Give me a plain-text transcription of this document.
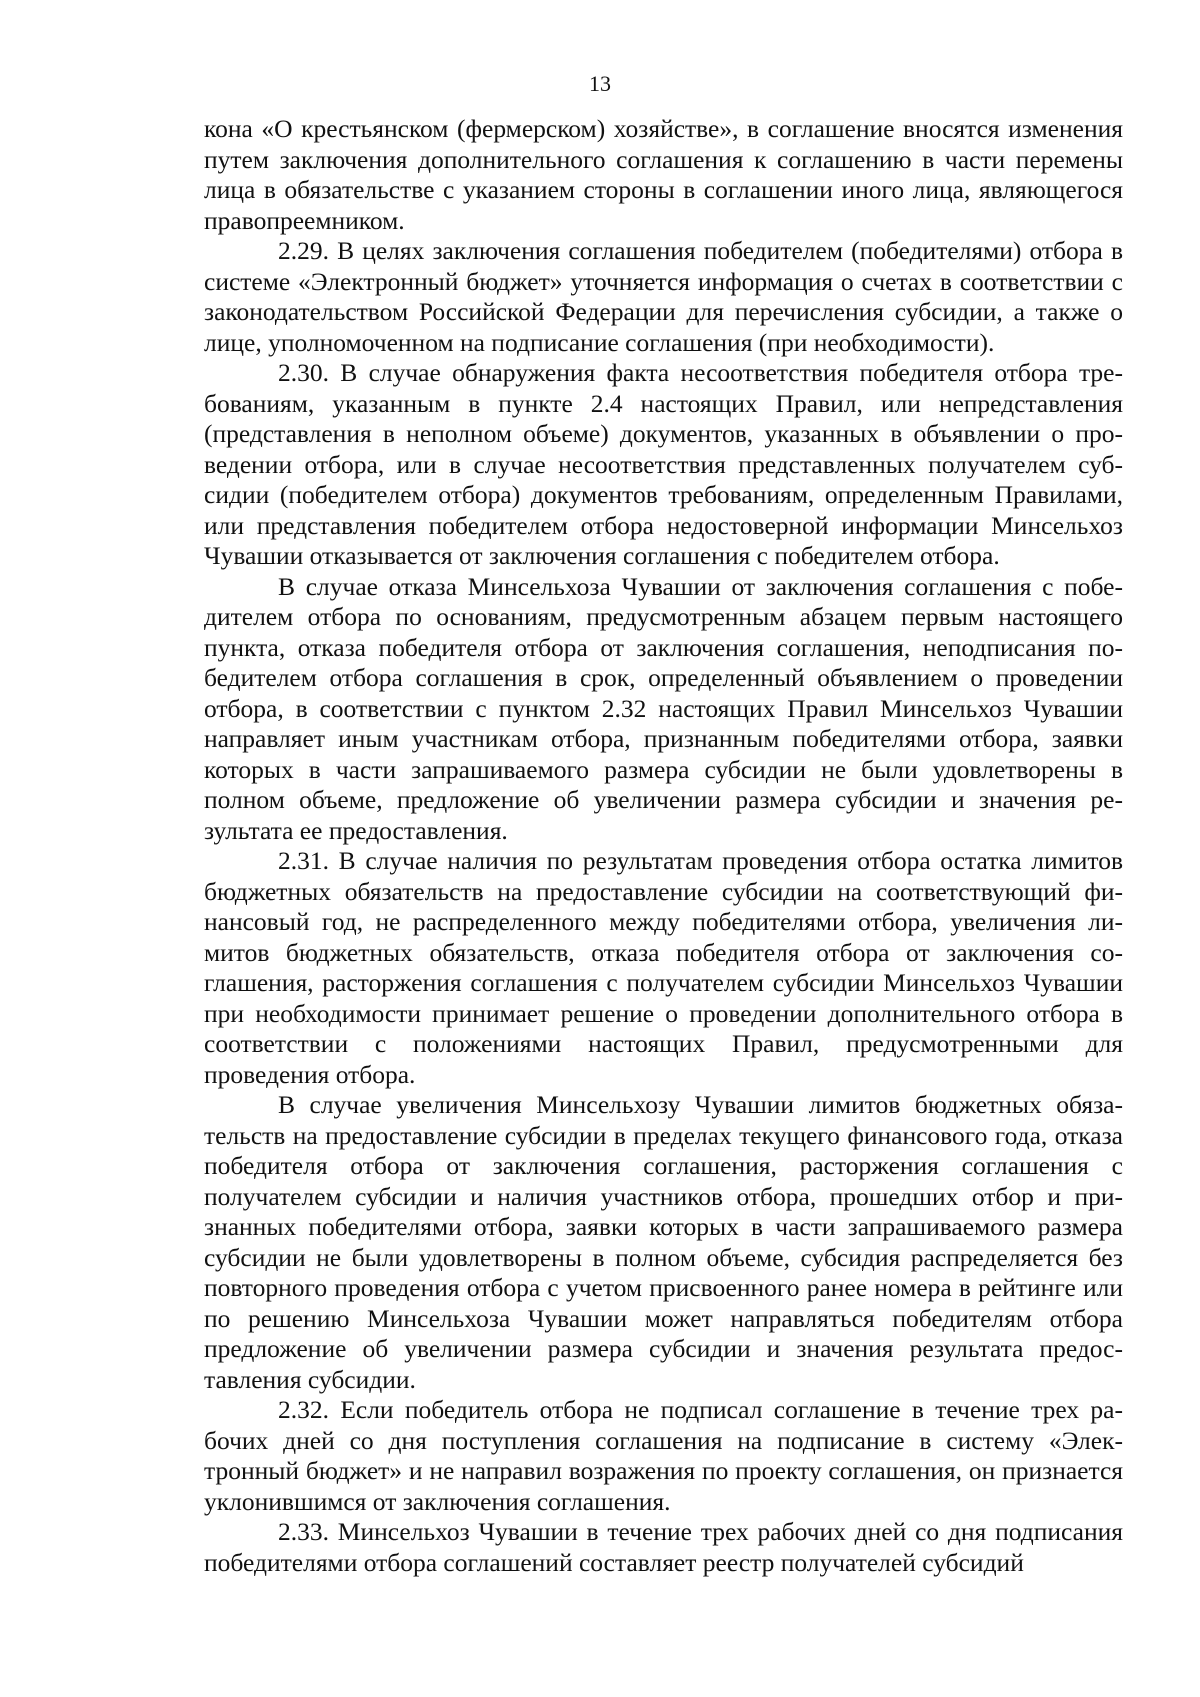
13

кона «О крестьянском (фермерском) хозяйстве», в соглашение вносятся изменения путем заключения дополнительного соглашения к соглашению в части перемены лица в обязательстве с указанием стороны в соглашении иного лица, являющегося правопреемником.

2.29. В целях заключения соглашения победителем (победителями) отбора в системе «Электронный бюджет» уточняется информация о счетах в соответствии с законодательством Российской Федерации для перечисления субсидии, а также о лице, уполномоченном на подписание соглашения (при необходимости).

2.30. В случае обнаружения факта несоответствия победителя отбора требованиям, указанным в пункте 2.4 настоящих Правил, или непредставления (представления в неполном объеме) документов, указанных в объявлении о проведении отбора, или в случае несоответствия представленных получателем субсидии (победителем отбора) документов требованиям, определенным Правилами, или представления победителем отбора недостоверной информации Минсельхоз Чувашии отказывается от заключения соглашения с победителем отбора.

В случае отказа Минсельхоза Чувашии от заключения соглашения с победителем отбора по основаниям, предусмотренным абзацем первым настоящего пункта, отказа победителя отбора от заключения соглашения, неподписания победителем отбора соглашения в срок, определенный объявлением о проведении отбора, в соответствии с пунктом 2.32 настоящих Правил Минсельхоз Чувашии направляет иным участникам отбора, признанным победителями отбора, заявки которых в части запрашиваемого размера субсидии не были удовлетворены в полном объеме, предложение об увеличении размера субсидии и значения результата ее предоставления.

2.31. В случае наличия по результатам проведения отбора остатка лимитов бюджетных обязательств на предоставление субсидии на соответствующий финансовый год, не распределенного между победителями отбора, увеличения лимитов бюджетных обязательств, отказа победителя отбора от заключения соглашения, расторжения соглашения с получателем субсидии Минсельхоз Чувашии при необходимости принимает решение о проведении дополнительного отбора в соответствии с положениями настоящих Правил, предусмотренными для проведения отбора.

В случае увеличения Минсельхозу Чувашии лимитов бюджетных обязательств на предоставление субсидии в пределах текущего финансового года, отказа победителя отбора от заключения соглашения, расторжения соглашения с получателем субсидии и наличия участников отбора, прошедших отбор и признанных победителями отбора, заявки которых в части запрашиваемого размера субсидии не были удовлетворены в полном объеме, субсидия распределяется без повторного проведения отбора с учетом присвоенного ранее номера в рейтинге или по решению Минсельхоза Чувашии может направляться победителям отбора предложение об увеличении размера субсидии и значения результата предоставления субсидии.

2.32. Если победитель отбора не подписал соглашение в течение трех рабочих дней со дня поступления соглашения на подписание в систему «Электронный бюджет» и не направил возражения по проекту соглашения, он признается уклонившимся от заключения соглашения.

2.33. Минсельхоз Чувашии в течение трех рабочих дней со дня подписания победителями отбора соглашений составляет реестр получателей субсидий
